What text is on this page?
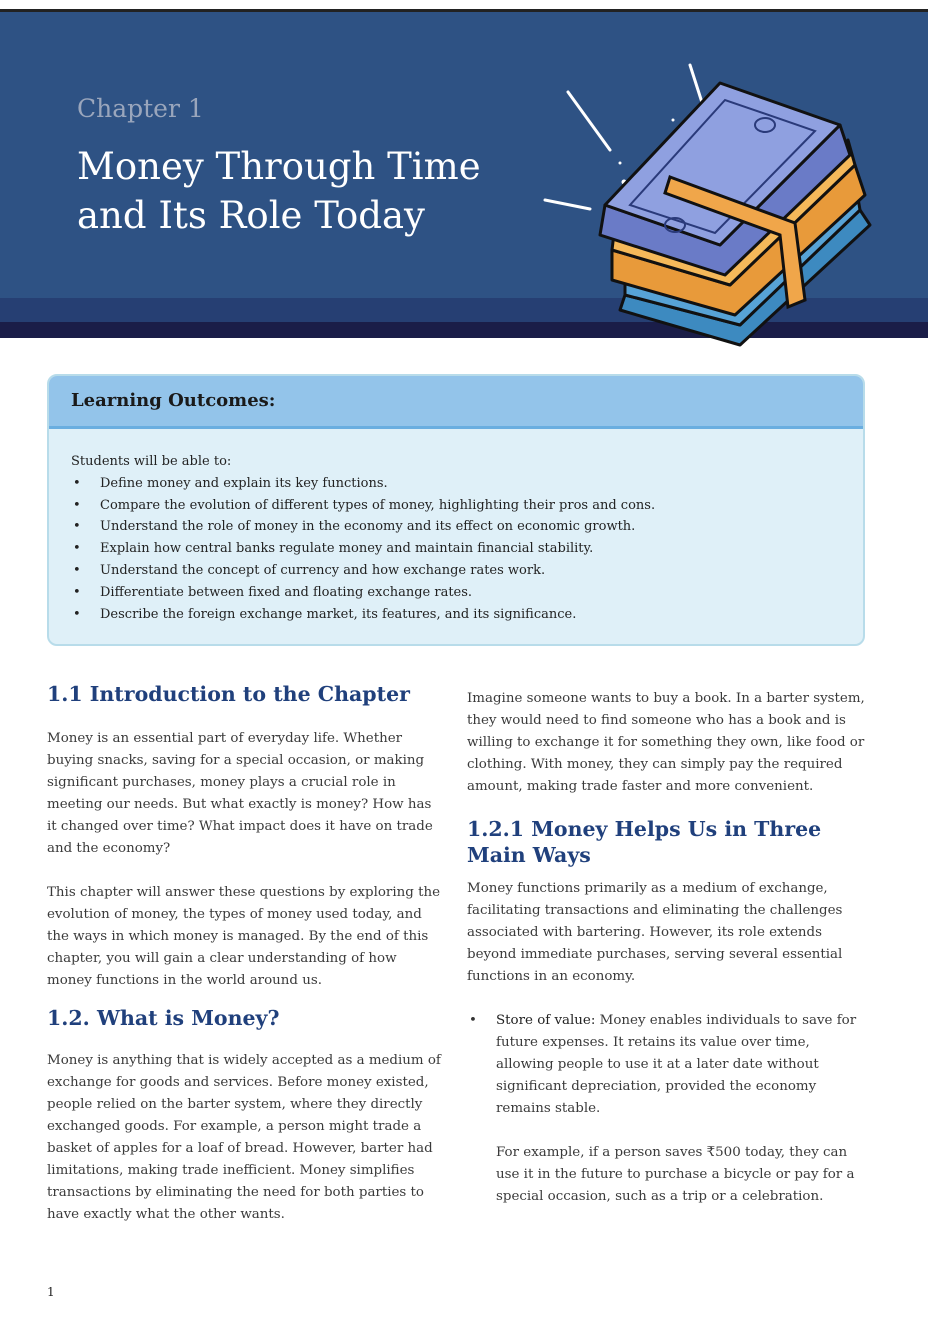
Chapter 1
Money Through Time
and Its Role Today
Learning Outcomes:
Students will be able to:
• Define money and explain its key functions.
• Compare the evolution of different types of money, highlighting their pros and cons.
• Understand the role of money in the economy and its effect on economic growth.
• Explain how central banks regulate money and maintain financial stability.
• Understand the concept of currency and how exchange rates work.
• Differentiate between fixed and floating exchange rates.
• Describe the foreign exchange market, its features, and its significance.
1.1 Introduction to the Chapter

Money is an essential part of everyday life. Whether buying snacks, saving for a special occasion, or making significant purchases, money plays a crucial role in meeting our needs. But what exactly is money? How has it changed over time? What impact does it have on trade and the economy?

This chapter will answer these questions by exploring the evolution of money, the types of money used today, and the ways in which money is managed. By the end of this chapter, you will gain a clear understanding of how money functions in the world around us.

1.2. What is Money?

Money is anything that is widely accepted as a medium of exchange for goods and services. Before money existed, people relied on the barter system, where they directly exchanged goods. For example, a person might trade a basket of apples for a loaf of bread. However, barter had limitations, making trade inefficient. Money simplifies transactions by eliminating the need for both parties to have exactly what the other wants.

Imagine someone wants to buy a book. In a barter system, they would need to find someone who has a book and is willing to exchange it for something they own, like food or clothing. With money, they can simply pay the required amount, making trade faster and more convenient.

1.2.1 Money Helps Us in Three Main Ways

Money functions primarily as a medium of exchange, facilitating transactions and eliminating the challenges associated with bartering. However, its role extends beyond immediate purchases, serving several essential functions in an economy.

• Store of value: Money enables individuals to save for future expenses. It retains its value over time, allowing people to use it at a later date without significant depreciation, provided the economy remains stable.

For example, if a person saves ₹500 today, they can use it in the future to purchase a bicycle or pay for a special occasion, such as a trip or a celebration.

1
